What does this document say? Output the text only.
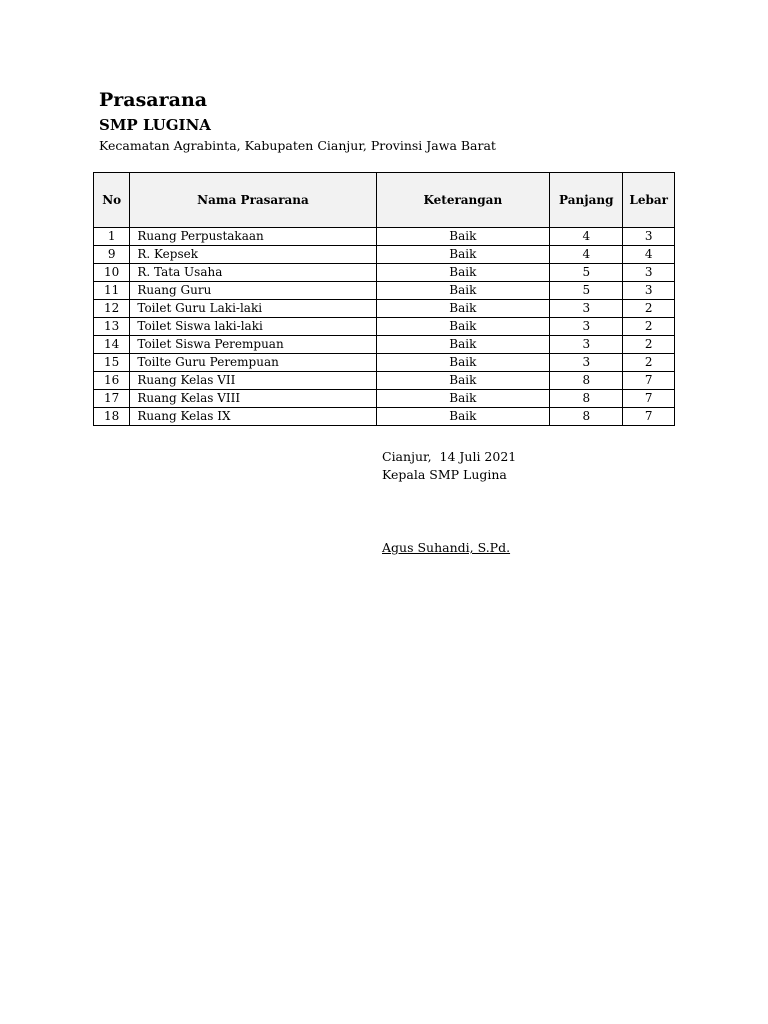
Prasarana
SMP LUGINA
Kecamatan Agrabinta, Kabupaten Cianjur, Provinsi Jawa Barat
No	Nama Prasarana	Keterangan	Panjang	Lebar
1	Ruang Perpustakaan	Baik	4	3
9	R. Kepsek	Baik	4	4
10	R. Tata Usaha	Baik	5	3
11	Ruang Guru	Baik	5	3
12	Toilet Guru Laki-laki	Baik	3	2
13	Toilet Siswa laki-laki	Baik	3	2
14	Toilet Siswa Perempuan	Baik	3	2
15	Toilte Guru Perempuan	Baik	3	2
16	Ruang Kelas VII	Baik	8	7
17	Ruang Kelas VIII	Baik	8	7
18	Ruang Kelas IX	Baik	8	7
Cianjur,  14 Juli 2021
Kepala SMP Lugina
Agus Suhandi, S.Pd.
